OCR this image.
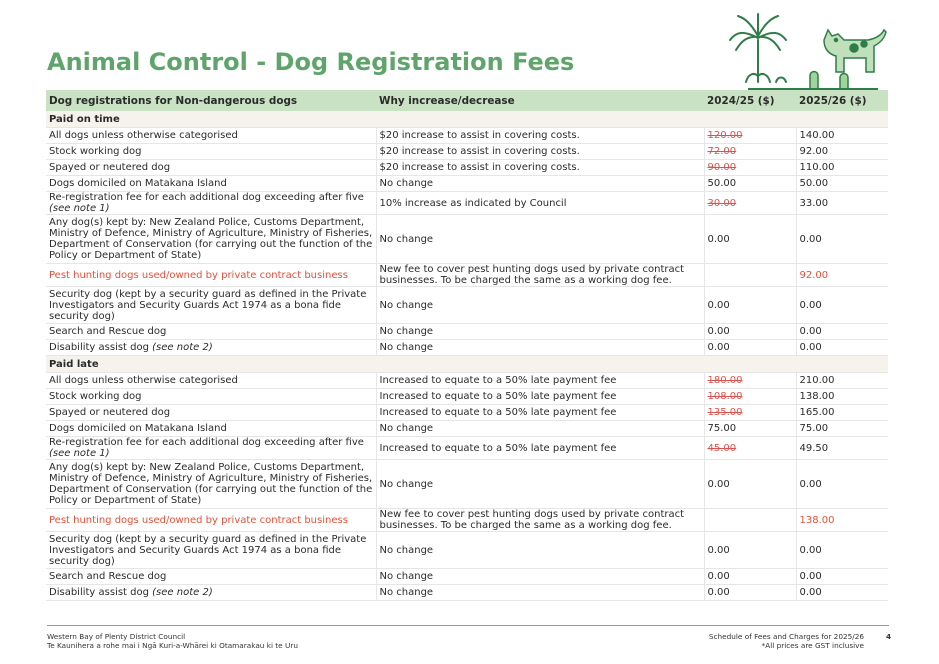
Animal Control - Dog Registration Fees
Dog registrations for Non-dangerous dogs	Why increase/decrease	2024/25 ($)	2025/26 ($)
Paid on time			
All dogs unless otherwise categorised	$20 increase to assist in covering costs.	120.00	140.00
Stock working dog	$20 increase to assist in covering costs.	72.00	92.00
Spayed or neutered dog	$20 increase to assist in covering costs.	90.00	110.00
Dogs domiciled on Matakana Island	No change	50.00	50.00
Re-registration fee for each additional dog exceeding after five (see note 1)	10% increase as indicated by Council	30.00	33.00
Any dog(s) kept by: New Zealand Police, Customs Department, Ministry of Defence, Ministry of Agriculture, Ministry of Fisheries, Department of Conservation (for carrying out the function of the Policy or Department of State)	No change	0.00	0.00
Pest hunting dogs used/owned by private contract business	New fee to cover pest hunting dogs used by private contract businesses. To be charged the same as a working dog fee.		92.00
Security dog (kept by a security guard as defined in the Private Investigators and Security Guards Act 1974 as a bona fide security dog)	No change	0.00	0.00
Search and Rescue dog	No change	0.00	0.00
Disability assist dog (see note 2)	No change	0.00	0.00
Paid late			
All dogs unless otherwise categorised	Increased to equate to a 50% late payment fee	180.00	210.00
Stock working dog	Increased to equate to a 50% late payment fee	108.00	138.00
Spayed or neutered dog	Increased to equate to a 50% late payment fee	135.00	165.00
Dogs domiciled on Matakana Island	No change	75.00	75.00
Re-registration fee for each additional dog exceeding after five (see note 1)	Increased to equate to a 50% late payment fee	45.00	49.50
Any dog(s) kept by: New Zealand Police, Customs Department, Ministry of Defence, Ministry of Agriculture, Ministry of Fisheries, Department of Conservation (for carrying out the function of the Policy or Department of State)	No change	0.00	0.00
Pest hunting dogs used/owned by private contract business	New fee to cover pest hunting dogs used by private contract businesses. To be charged the same as a working dog fee.		138.00
Security dog (kept by a security guard as defined in the Private Investigators and Security Guards Act 1974 as a bona fide security dog)	No change	0.00	0.00
Search and Rescue dog	No change	0.00	0.00
Disability assist dog (see note 2)	No change	0.00	0.00
Western Bay of Plenty District Council
Te Kaunihera a rohe mai i Ngā Kuri-a-Whārei ki Otamarakau ki te Uru
Schedule of Fees and Charges for 2025/26
*All prices are GST inclusive
4
